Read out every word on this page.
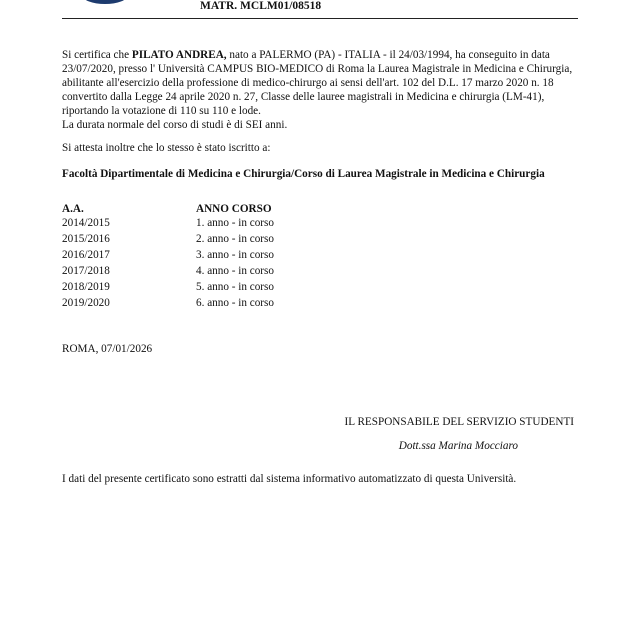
MATR. MCLM01/08518
Si certifica che PILATO ANDREA, nato a PALERMO (PA) - ITALIA - il 24/03/1994, ha conseguito in data
23/07/2020, presso l' Università CAMPUS BIO-MEDICO di Roma la Laurea Magistrale in Medicina e Chirurgia,
abilitante all'esercizio della professione di medico-chirurgo ai sensi dell'art. 102 del D.L. 17 marzo 2020 n. 18
convertito dalla Legge 24 aprile 2020 n. 27, Classe delle lauree magistrali in Medicina e chirurgia (LM-41),
riportando la votazione di 110 su 110 e lode.
La durata normale del corso di studi è di SEI anni.
Si attesta inoltre che lo stesso è stato iscritto a:
Facoltà Dipartimentale di Medicina e Chirurgia/Corso di Laurea Magistrale in Medicina e Chirurgia
A.A.	ANNO CORSO
2014/2015	1. anno - in corso
2015/2016	2. anno - in corso
2016/2017	3. anno - in corso
2017/2018	4. anno - in corso
2018/2019	5. anno - in corso
2019/2020	6. anno - in corso
ROMA, 07/01/2026
IL RESPONSABILE DEL SERVIZIO STUDENTI
Dott.ssa Marina Mocciaro
I dati del presente certificato sono estratti dal sistema informativo automatizzato di questa Università.
